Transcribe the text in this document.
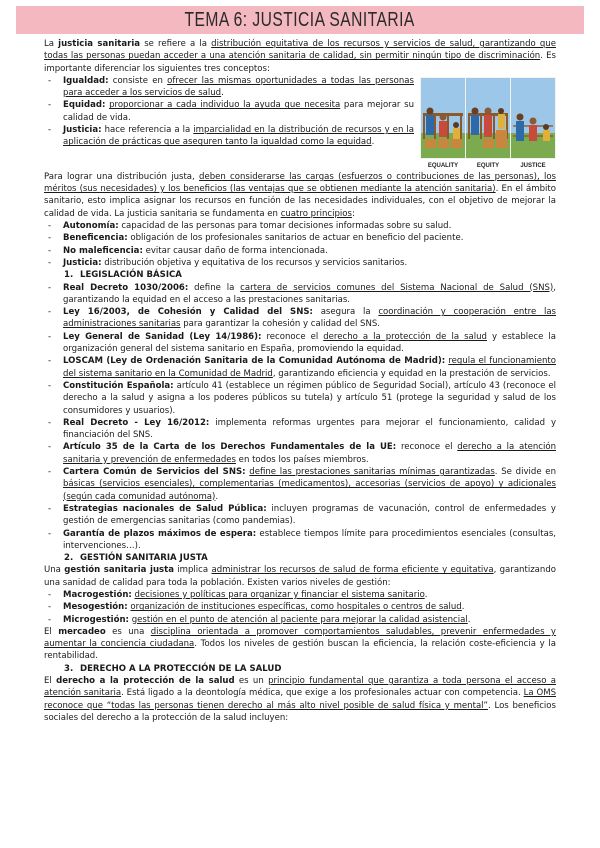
TEMA 6: JUSTICIA SANITARIA

La justicia sanitaria se refiere a la distribución equitativa de los recursos y servicios de salud, garantizando que todas las personas puedan acceder a una atención sanitaria de calidad, sin permitir ningún tipo de discriminación. Es importante diferenciar los siguientes tres conceptos:

EQUALITY	EQUITY	JUSTICE
- Igualdad: consiste en ofrecer las mismas oportunidades a todas las personas para acceder a los servicios de salud.
- Equidad: proporcionar a cada individuo la ayuda que necesita para mejorar su calidad de vida.
- Justicia: hace referencia a la imparcialidad en la distribución de recursos y en la aplicación de prácticas que aseguren tanto la igualdad como la equidad.

Para lograr una distribución justa, deben considerarse las cargas (esfuerzos o contribuciones de las personas), los méritos (sus necesidades) y los beneficios (las ventajas que se obtienen mediante la atención sanitaria). En el ámbito sanitario, esto implica asignar los recursos en función de las necesidades individuales, con el objetivo de mejorar la calidad de vida. La justicia sanitaria se fundamenta en cuatro principios:

- Autonomía: capacidad de las personas para tomar decisiones informadas sobre su salud.
- Beneficencia: obligación de los profesionales sanitarios de actuar en beneficio del paciente.
- No maleficencia: evitar causar daño de forma intencionada.
- Justicia: distribución objetiva y equitativa de los recursos y servicios sanitarios.
1. LEGISLACIÓN BÁSICA
- Real Decreto 1030/2006: define la cartera de servicios comunes del Sistema Nacional de Salud (SNS), garantizando la equidad en el acceso a las prestaciones sanitarias.
- Ley 16/2003, de Cohesión y Calidad del SNS: asegura la coordinación y cooperación entre las administraciones sanitarias para garantizar la cohesión y calidad del SNS.
- Ley General de Sanidad (Ley 14/1986): reconoce el derecho a la protección de la salud y establece la organización general del sistema sanitario en España, promoviendo la equidad.
- LOSCAM (Ley de Ordenación Sanitaria de la Comunidad Autónoma de Madrid): regula el funcionamiento del sistema sanitario en la Comunidad de Madrid, garantizando eficiencia y equidad en la prestación de servicios.
- Constitución Española: artículo 41 (establece un régimen público de Seguridad Social), artículo 43 (reconoce el derecho a la salud y asigna a los poderes públicos su tutela) y artículo 51 (protege la seguridad y salud de los consumidores y usuarios).
- Real Decreto - Ley 16/2012: implementa reformas urgentes para mejorar el funcionamiento, calidad y financiación del SNS.
- Artículo 35 de la Carta de los Derechos Fundamentales de la UE: reconoce el derecho a la atención sanitaria y prevención de enfermedades en todos los países miembros.
- Cartera Común de Servicios del SNS: define las prestaciones sanitarias mínimas garantizadas. Se divide en básicas (servicios esenciales), complementarias (medicamentos), accesorias (servicios de apoyo) y adicionales (según cada comunidad autónoma).
- Estrategias nacionales de Salud Pública: incluyen programas de vacunación, control de enfermedades y gestión de emergencias sanitarias (como pandemias).
- Garantía de plazos máximos de espera: establece tiempos límite para procedimientos esenciales (consultas, intervenciones…).
2. GESTIÓN SANITARIA JUSTA

Una gestión sanitaria justa implica administrar los recursos de salud de forma eficiente y equitativa, garantizando una sanidad de calidad para toda la población. Existen varios niveles de gestión:

- Macrogestión: decisiones y políticas para organizar y financiar el sistema sanitario.
- Mesogestión: organización de instituciones específicas, como hospitales o centros de salud.
- Microgestión: gestión en el punto de atención al paciente para mejorar la calidad asistencial.

El mercadeo es una disciplina orientada a promover comportamientos saludables, prevenir enfermedades y aumentar la conciencia ciudadana. Todos los niveles de gestión buscan la eficiencia, la relación coste-eficiencia y la rentabilidad.

3. DERECHO A LA PROTECCIÓN DE LA SALUD

El derecho a la protección de la salud es un principio fundamental que garantiza a toda persona el acceso a atención sanitaria. Está ligado a la deontología médica, que exige a los profesionales actuar con competencia. La OMS reconoce que “todas las personas tienen derecho al más alto nivel posible de salud física y mental”. Los beneficios sociales del derecho a la protección de la salud incluyen:
